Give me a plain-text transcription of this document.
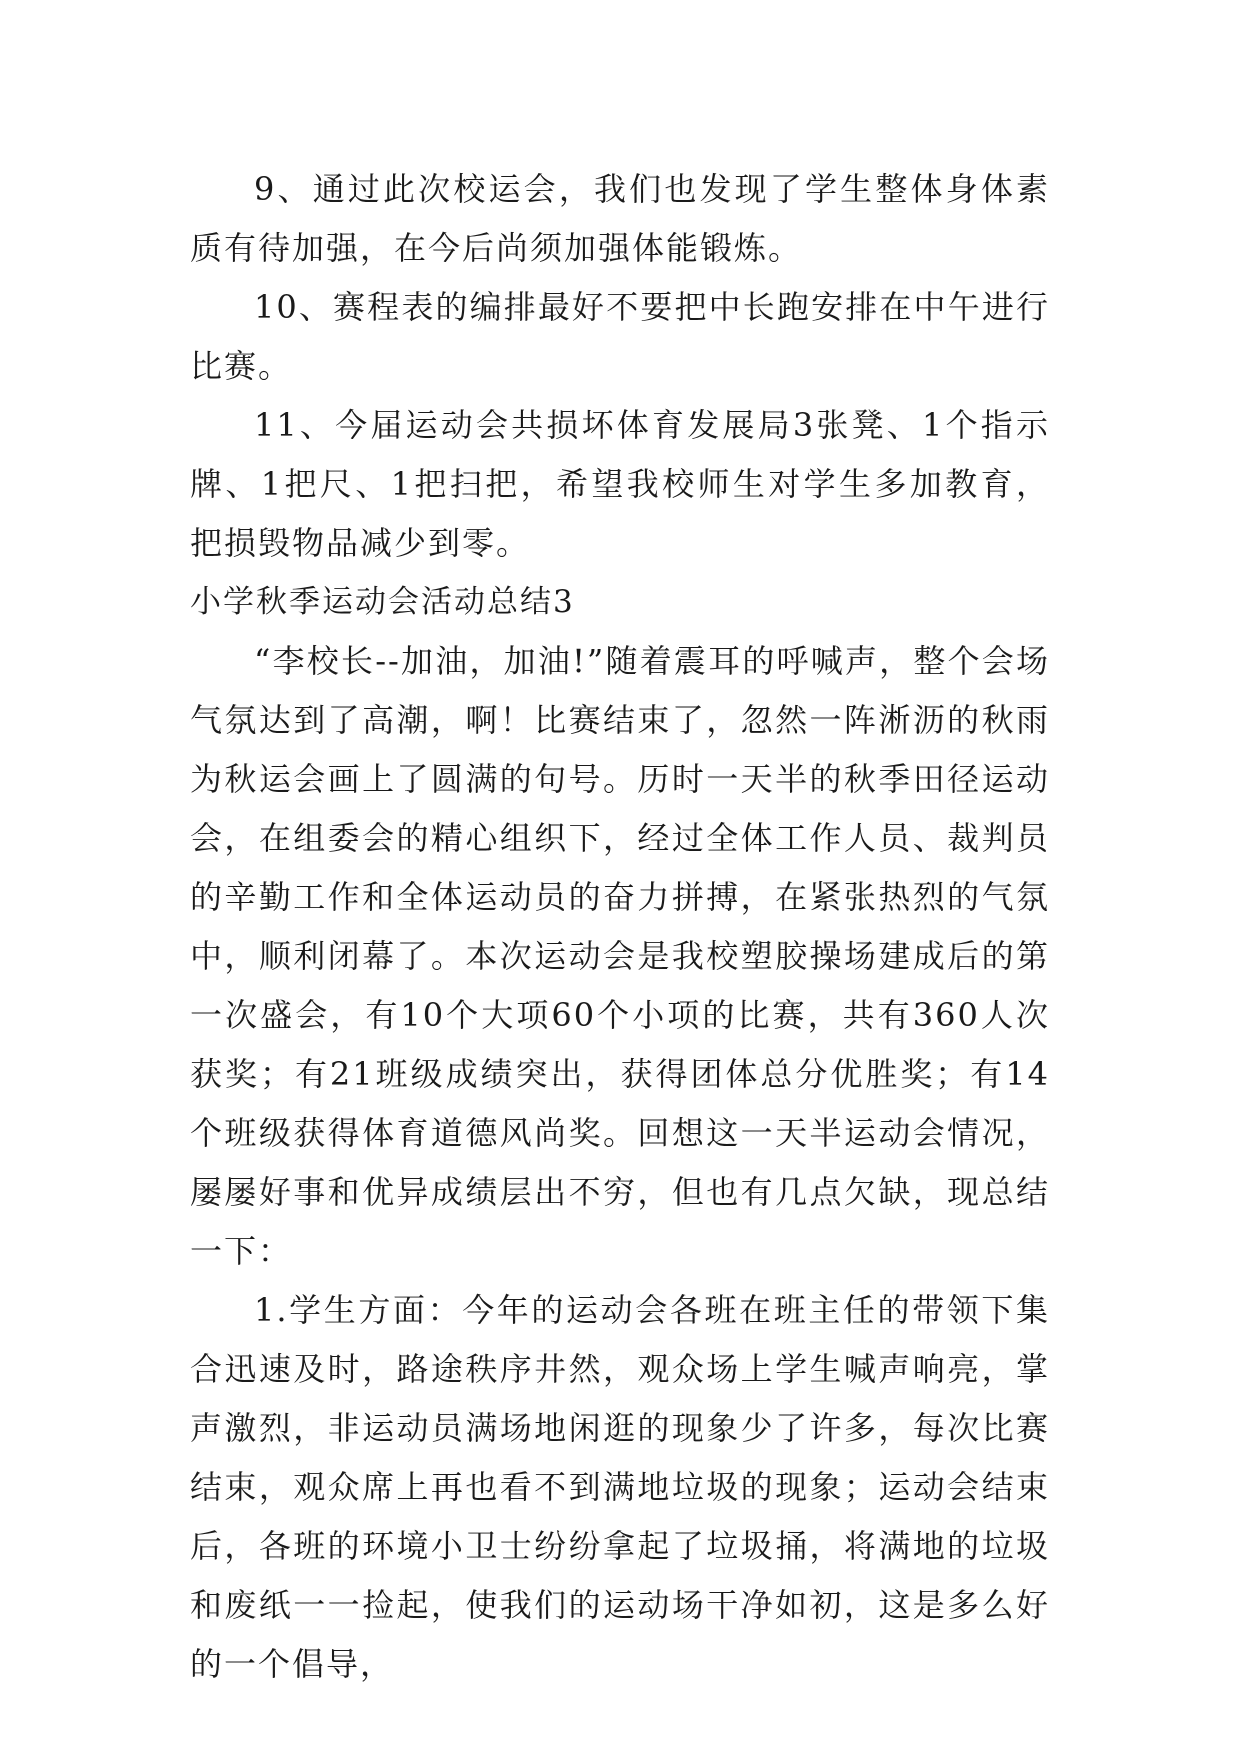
9、通过此次校运会，我们也发现了学生整体身体素质有待加强，在今后尚须加强体能锻炼。

10、赛程表的编排最好不要把中长跑安排在中午进行比赛。

11、今届运动会共损坏体育发展局3张凳、1个指示牌、1把尺、1把扫把，希望我校师生对学生多加教育，把损毁物品减少到零。

小学秋季运动会活动总结3

“李校长--加油，加油!”随着震耳的呼喊声，整个会场气氛达到了高潮，啊！比赛结束了，忽然一阵淅沥的秋雨为秋运会画上了圆满的句号。历时一天半的秋季田径运动会，在组委会的精心组织下，经过全体工作人员、裁判员的辛勤工作和全体运动员的奋力拼搏，在紧张热烈的气氛中，顺利闭幕了。本次运动会是我校塑胶操场建成后的第一次盛会，有10个大项60个小项的比赛，共有360人次获奖；有21班级成绩突出，获得团体总分优胜奖；有14个班级获得体育道德风尚奖。回想这一天半运动会情况，屡屡好事和优异成绩层出不穷，但也有几点欠缺，现总结一下：

1.学生方面：今年的运动会各班在班主任的带领下集合迅速及时，路途秩序井然，观众场上学生喊声响亮，掌声激烈，非运动员满场地闲逛的现象少了许多，每次比赛结束，观众席上再也看不到满地垃圾的现象；运动会结束后，各班的环境小卫士纷纷拿起了垃圾捅，将满地的垃圾和废纸一一捡起，使我们的运动场干净如初，这是多么好的一个倡导，
